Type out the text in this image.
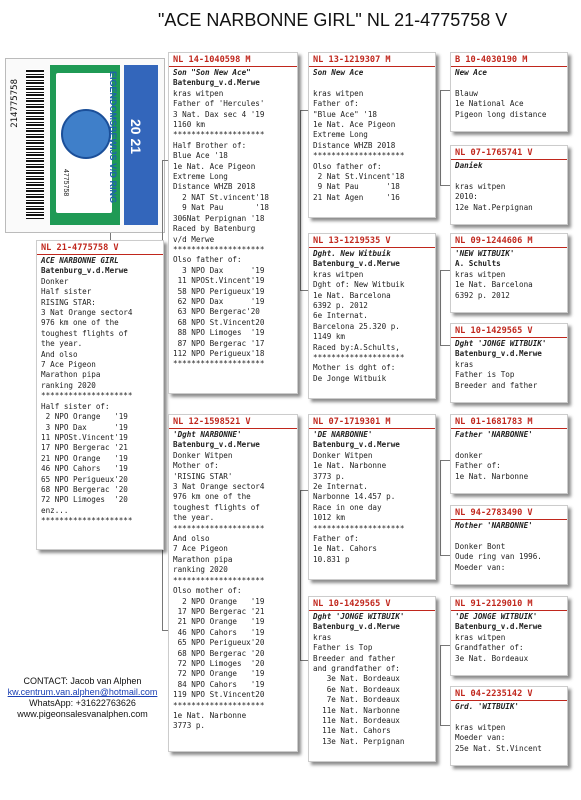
"ACE NARBONNE GIRL" NL 21-4775758 V
214775758	EIGENDOMSBEWIJS V/D RING
4775758
20 21
NL 21-4775758 V
ACE NARBONNE GIRL
Batenburg_v.d.Merwe
Donker
Half sister
RISING STAR:
3 Nat Orange sector4
976 km one of the
toughest flights of
the year.
And olso
7 Ace Pigeon
Marathon pipa
ranking 2020
********************
Half sister of:
2 NPO Orange   '19
3 NPO Dax      '19
11 NPOSt.Vincent'19
17 NPO Bergerac '21
21 NPO Orange   '19
46 NPO Cahors   '19
65 NPO Perigueux'20
68 NPO Bergerac '20
72 NPO Limoges  '20
enz...
********************
NL 14-1040598 M
Son "Son New Ace"
Batenburg_v.d.Merwe
kras witpen
Father of 'Hercules'
3 Nat. Dax sec 4 '19
1160 km
********************
Half Brother of:
Blue Ace '18
1e Nat. Ace Pigeon
Extreme Long
Distance WHZB 2018
2 NAT St.vincent'18
9 Nat Pau       '18
306Nat Perpignan '18
Raced by Batenburg
v/d Merwe
********************
Olso father of:
3 NPO Dax      '19
11 NPOSt.Vincent'19
58 NPO Perigueux'19
62 NPO Dax      '19
63 NPO Bergerac'20
68 NPO St.Vincent20
88 NPO Limoges  '19
87 NPO Bergerac '17
112 NPO Perigueux'18
********************
NL 12-1598521 V
'Dght NARBONNE'
Batenburg_v.d.Merwe
Donker Witpen
Mother of:
'RISING STAR'
3 Nat Orange sector4
976 km one of the
toughest flights of
the year.
********************
And olso
7 Ace Pigeon
Marathon pipa
ranking 2020
********************
Olso mother of:
2 NPO Orange   '19
17 NPO Bergerac '21
21 NPO Orange   '19
46 NPO Cahors   '19
65 NPO Perigueux'20
68 NPO Bergerac '20
72 NPO Limoges  '20
72 NPO Orange   '19
84 NPO Cahors   '19
119 NPO St.Vincent20
********************
1e Nat. Narbonne
3773 p.
NL 13-1219307 M
Son New Ace

kras witpen
Father of:
"Blue Ace" '18
1e Nat. Ace Pigeon
Extreme Long
Distance WHZB 2018
********************
Olso father of:
2 Nat St.Vincent'18
9 Nat Pau      '18
21 Nat Agen     '16
NL 13-1219535 V
Dght. New Witbuik
Batenburg_v.d.Merwe
kras witpen
Dght of: New Witbuik
1e Nat. Barcelona
6392 p. 2012
6e Internat.
Barcelona 25.320 p.
1149 km
Raced by:A.Schults,
********************
Mother is dght of:
De Jonge Witbuik
NL 07-1719301 M
'DE NARBONNE'
Batenburg_v.d.Merwe
Donker Witpen
1e Nat. Narbonne
3773 p.
2e Internat.
Narbonne 14.457 p.
Race in one day
1012 km
********************
Father of:
1e Nat. Cahors
10.831 p
NL 10-1429565 V
Dght 'JONGE WITBUIK'
Batenburg_v.d.Merwe
kras
Father is Top
Breeder and father
and grandfather of:
3e Nat. Bordeaux
6e Nat. Bordeaux
7e Nat. Bordeaux
11e Nat. Narbonne
11e Nat. Bordeaux
11e Nat. Cahors
13e Nat. Perpignan
B 10-4030190 M
New Ace

Blauw
1e National Ace
Pigeon long distance
NL 07-1765741 V
Daniek

kras witpen
2010:
12e Nat.Perpignan
NL 09-1244606 M
'NEW WITBUIK'
A. Schults
kras witpen
1e Nat. Barcelona
6392 p. 2012
NL 10-1429565 V
Dght 'JONGE WITBUIK'
Batenburg_v.d.Merwe
kras
Father is Top
Breeder and father
NL 01-1681783 M
Father 'NARBONNE'

donker
Father of:
1e Nat. Narbonne
NL 94-2783490 V
Mother 'NARBONNE'

Donker Bont
Oude ring van 1996.
Moeder van:
NL 91-2129010 M
'DE JONGE WITBUIK'
Batenburg_v.d.Merwe
kras witpen
Grandfather of:
3e Nat. Bordeaux
NL 04-2235142 V
Grd. 'WITBUIK'

kras witpen
Moeder van:
25e Nat. St.Vincent
CONTACT: Jacob van Alphen
kw.centrum.van.alphen@hotmail.com
WhatsApp: +31622763626
www.pigeonsalesvanalphen.com
